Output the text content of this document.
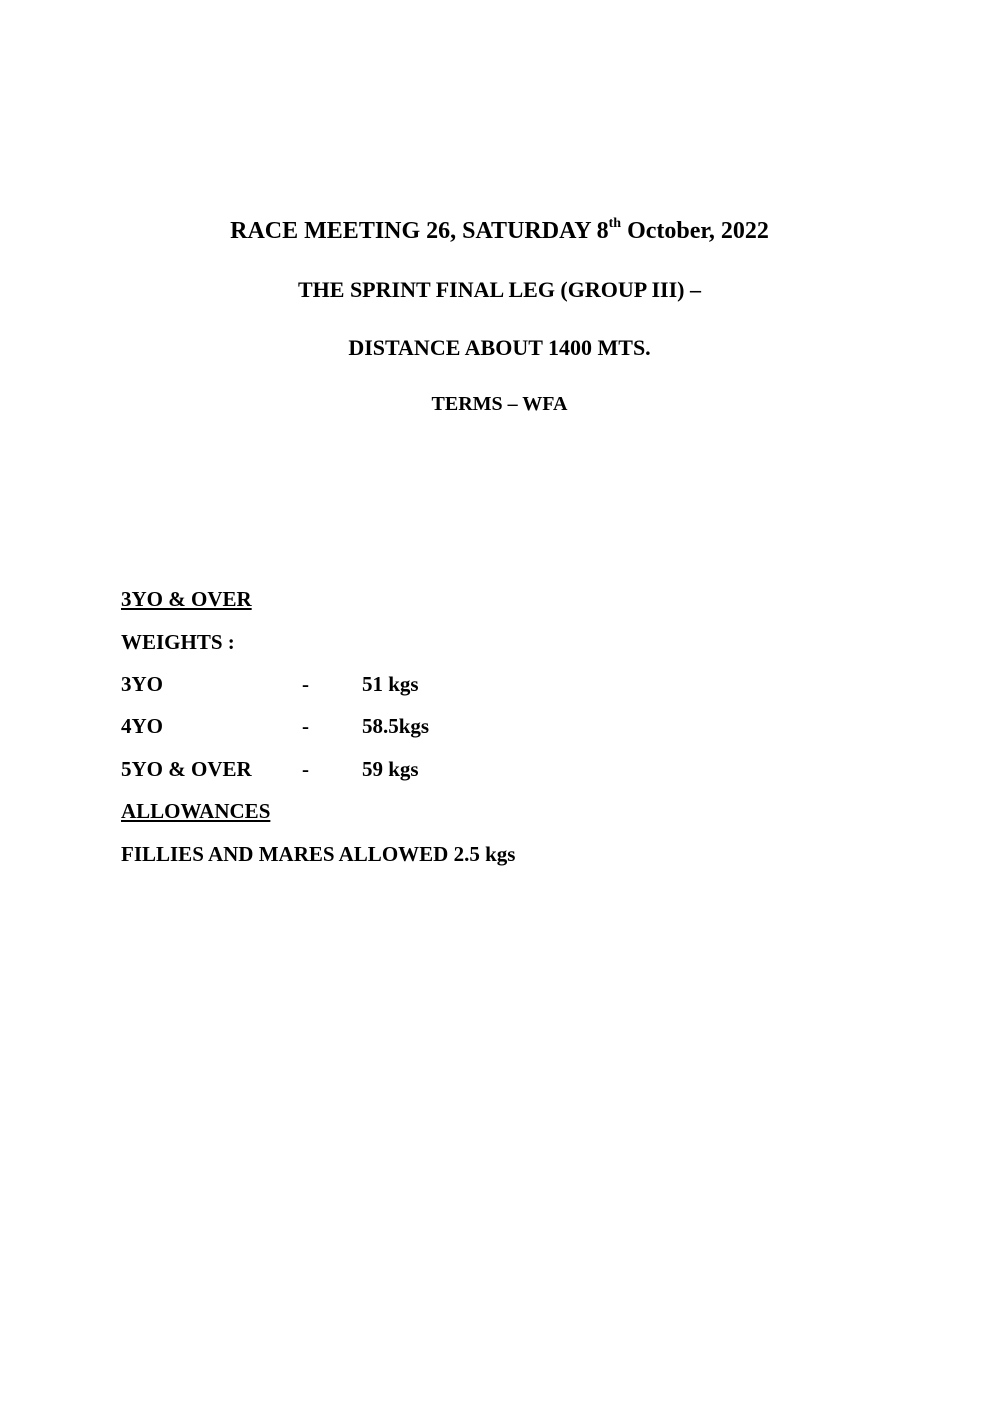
RACE MEETING 26, SATURDAY 8th October, 2022
THE SPRINT FINAL LEG (GROUP III) –
DISTANCE ABOUT 1400 MTS.
TERMS – WFA
3YO & OVER
WEIGHTS :
3YO	-	51 kgs
4YO	-	58.5kgs
5YO & OVER -	59 kgs
ALLOWANCES
FILLIES AND MARES ALLOWED 2.5 kgs
